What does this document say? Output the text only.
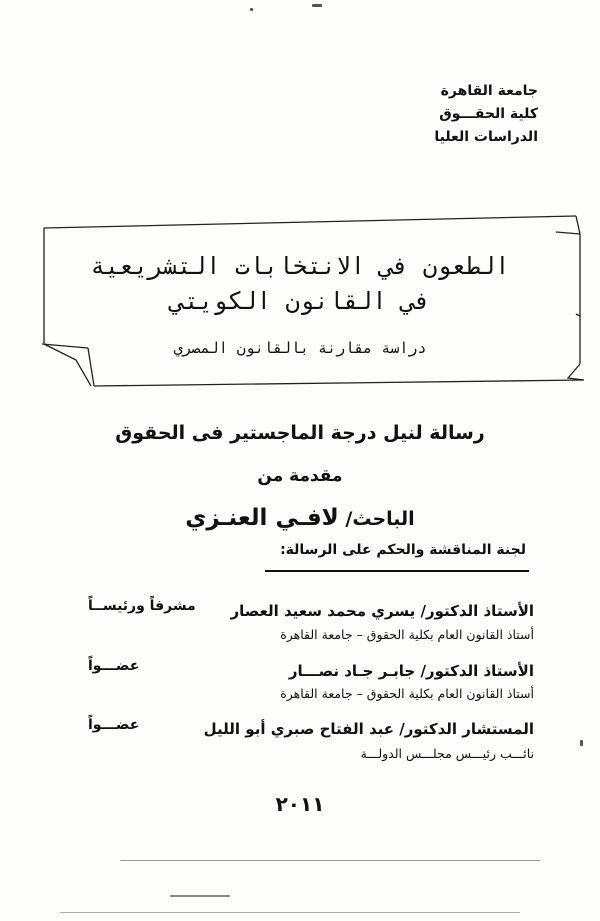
جامعة القاهرة
كلية الحقـــوق
الدراسات العليا
الطعون في الانتخابات التشريعية
في القانون الكويتي
دراسة مقارنة بالقانون المصري
رسالة لنيل درجة الماجستير فى الحقوق
مقدمة من
الباحث/ لافـي العنـزي
لجنة المناقشة والحكم على الرسالة:
الأستاذ الدكتور/ يسري محمد سعيد العصار
أستاذ القانون العام بكلية الحقوق – جامعة القاهرة
مشرفاً ورئيســاً
الأستاذ الدكتور/ جابـر جـاد نصـــار
أستاذ القانون العام بكلية الحقوق – جامعة القاهرة
عضـــواً
المستشار الدكتور/ عبد الفتاح صبري أبو الليل
نائـــب رئيـــس مجلـــس الدولـــة
عضـــواً
٢٠١١
